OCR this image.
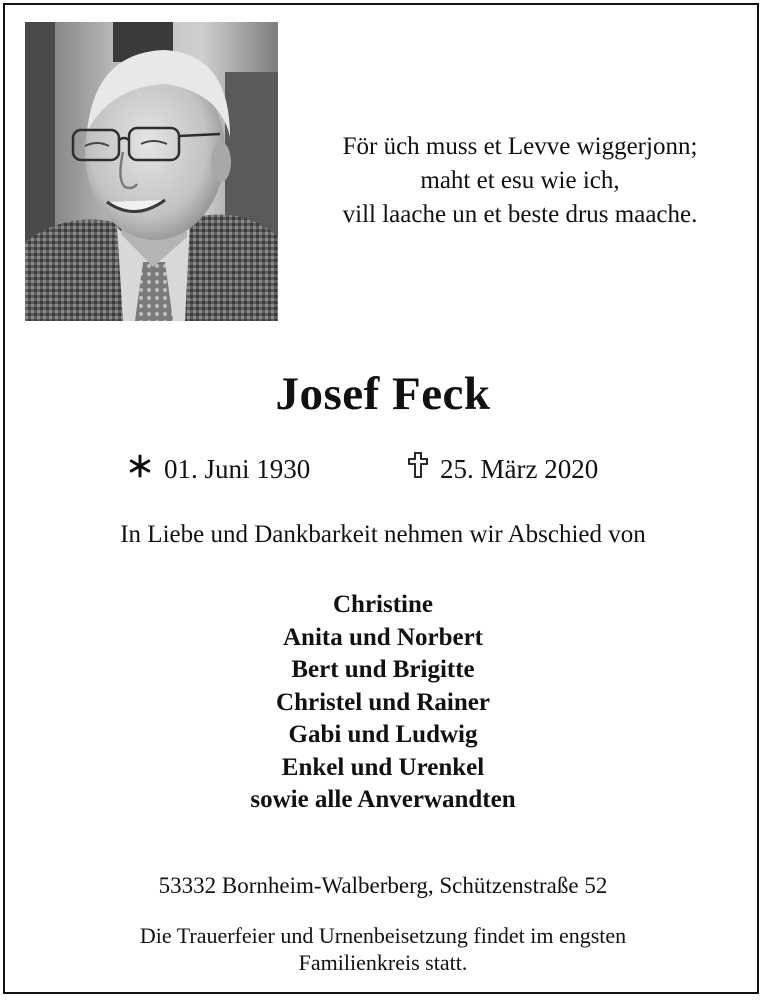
För üch muss et Levve wiggerjonn;
maht et esu wie ich,
vill laache un et beste drus maache.
Josef Feck
01. Juni 1930	25. März 2020
In Liebe und Dankbarkeit nehmen wir Abschied von
Christine
Anita und Norbert
Bert und Brigitte
Christel und Rainer
Gabi und Ludwig
Enkel und Urenkel
sowie alle Anverwandten
53332 Bornheim-Walberberg, Schützenstraße 52
Die Trauerfeier und Urnenbeisetzung findet im engsten
Familienkreis statt.
